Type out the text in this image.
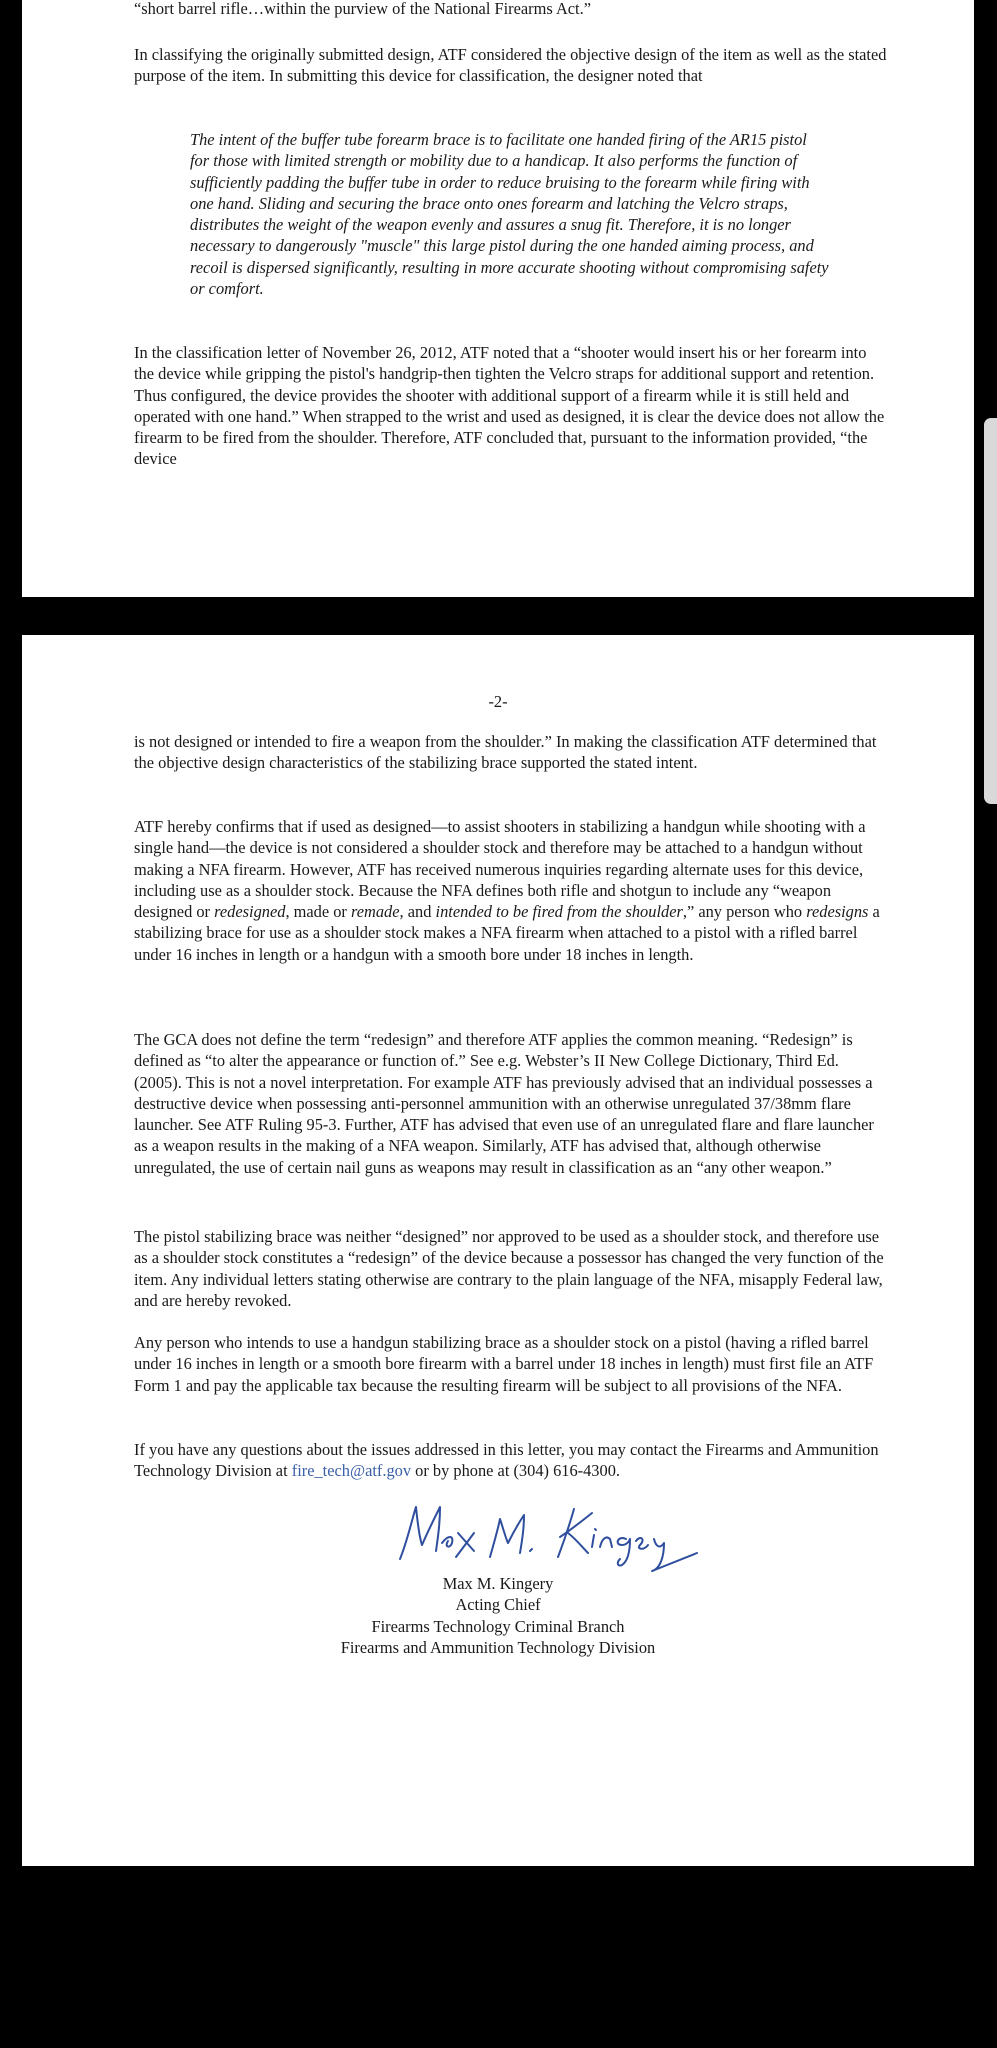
“short barrel rifle…within the purview of the National Firearms Act.”

In classifying the originally submitted design, ATF considered the objective design of the item as well as the stated purpose of the item. In submitting this device for classification, the designer noted that

The intent of the buffer tube forearm brace is to facilitate one handed firing of the AR15 pistol for those with limited strength or mobility due to a handicap. It also performs the function of sufficiently padding the buffer tube in order to reduce bruising to the forearm while firing with one hand. Sliding and securing the brace onto ones forearm and latching the Velcro straps, distributes the weight of the weapon evenly and assures a snug fit. Therefore, it is no longer necessary to dangerously "muscle" this large pistol during the one handed aiming process, and recoil is dispersed significantly, resulting in more accurate shooting without compromising safety or comfort.

In the classification letter of November 26, 2012, ATF noted that a “shooter would insert his or her forearm into the device while gripping the pistol's handgrip-then tighten the Velcro straps for additional support and retention. Thus configured, the device provides the shooter with additional support of a firearm while it is still held and operated with one hand.” When strapped to the wrist and used as designed, it is clear the device does not allow the firearm to be fired from the shoulder. Therefore, ATF concluded that, pursuant to the information provided, “the device

-2-

is not designed or intended to fire a weapon from the shoulder.” In making the classification ATF determined that the objective design characteristics of the stabilizing brace supported the stated intent.

ATF hereby confirms that if used as designed—to assist shooters in stabilizing a handgun while shooting with a single hand—the device is not considered a shoulder stock and therefore may be attached to a handgun without making a NFA firearm. However, ATF has received numerous inquiries regarding alternate uses for this device, including use as a shoulder stock. Because the NFA defines both rifle and shotgun to include any “weapon designed or redesigned, made or remade, and intended to be fired from the shoulder,” any person who redesigns a stabilizing brace for use as a shoulder stock makes a NFA firearm when attached to a pistol with a rifled barrel under 16 inches in length or a handgun with a smooth bore under 18 inches in length.

The GCA does not define the term “redesign” and therefore ATF applies the common meaning. “Redesign” is defined as “to alter the appearance or function of.” See e.g. Webster’s II New College Dictionary, Third Ed. (2005). This is not a novel interpretation. For example ATF has previously advised that an individual possesses a destructive device when possessing anti-personnel ammunition with an otherwise unregulated 37/38mm flare launcher. See ATF Ruling 95-3. Further, ATF has advised that even use of an unregulated flare and flare launcher as a weapon results in the making of a NFA weapon. Similarly, ATF has advised that, although otherwise unregulated, the use of certain nail guns as weapons may result in classification as an “any other weapon.”

The pistol stabilizing brace was neither “designed” nor approved to be used as a shoulder stock, and therefore use as a shoulder stock constitutes a “redesign” of the device because a possessor has changed the very function of the item. Any individual letters stating otherwise are contrary to the plain language of the NFA, misapply Federal law, and are hereby revoked.

Any person who intends to use a handgun stabilizing brace as a shoulder stock on a pistol (having a rifled barrel under 16 inches in length or a smooth bore firearm with a barrel under 18 inches in length) must first file an ATF Form 1 and pay the applicable tax because the resulting firearm will be subject to all provisions of the NFA.

If you have any questions about the issues addressed in this letter, you may contact the Firearms and Ammunition Technology Division at fire_tech@atf.gov or by phone at (304) 616-4300.

Max M. Kingery
Acting Chief
Firearms Technology Criminal Branch
Firearms and Ammunition Technology Division
